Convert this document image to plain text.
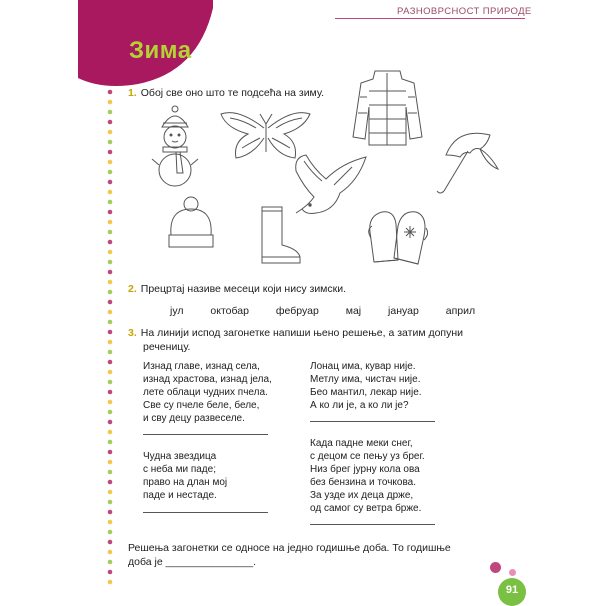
РАЗНОВРСНОСТ ПРИРОДЕ
Зима
1. Обој све оно што те подсећа на зиму.
2. Прецртај називе месеци који нису зимски.
јул	октобар	фебруар	мај	јануар	април
3. На линији испод загонетке напиши њено решење, а затим допуни
реченицу.
Изнад главе, изнад села,
изнад храстова, изнад јела,
лете облаци чудних пчела.
Све су пчеле беле, беле,
и сву децу развеселе.
Лонац има, кувар није.
Метлу има, чистач није.
Бео мантил, лекар није.
А ко ли је, а ко ли је?
Чудна звездица
с неба ми паде;
право на длан мој
паде и нестаде.
Када падне меки снег,
с децом се пењу уз брег.
Низ брег јурну кола ова
без бензина и точкова.
За узде их деца држе,
од самог су ветра брже.
Решења загонетки се односе на једно годишње доба. То годишње
доба је _______________.
91
